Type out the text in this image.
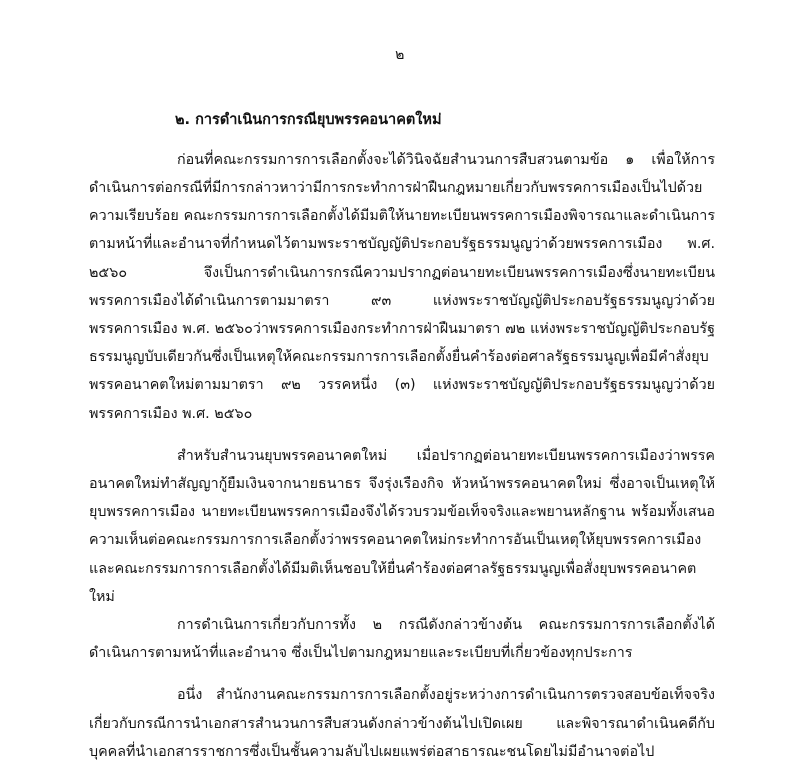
๒
๒. การดำเนินการกรณียุบพรรคอนาคตใหม่

ก่อนที่คณะกรรมการการเลือกตั้งจะได้วินิจฉัยสำนวนการสืบสวนตามข้อ ๑ เพื่อให้การดำเนินการต่อกรณีที่มีการกล่าวหาว่ามีการกระทำการฝ่าฝืนกฎหมายเกี่ยวกับพรรคการเมืองเป็นไปด้วยความเรียบร้อย คณะกรรมการการเลือกตั้งได้มีมติให้นายทะเบียนพรรคการเมืองพิจารณาและดำเนินการตามหน้าที่และอำนาจที่กำหนดไว้ตามพระราชบัญญัติประกอบรัฐธรรมนูญว่าด้วยพรรคการเมือง พ.ศ. ๒๕๖๐ จึงเป็นการดำเนินการกรณีความปรากฏต่อนายทะเบียนพรรคการเมืองซึ่งนายทะเบียนพรรคการเมืองได้ดำเนินการตามมาตรา ๙๓ แห่งพระราชบัญญัติประกอบรัฐธรรมนูญว่าด้วยพรรคการเมือง พ.ศ. ๒๕๖๐ว่าพรรคการเมืองกระทำการฝ่าฝืนมาตรา ๗๒ แห่งพระราชบัญญัติประกอบรัฐธรรมนูญบับเดียวกันซึ่งเป็นเหตุให้คณะกรรมการการเลือกตั้งยื่นคำร้องต่อศาลรัฐธรรมนูญเพื่อมีคำสั่งยุบพรรคอนาคตใหม่ตามมาตรา ๙๒ วรรคหนึ่ง (๓) แห่งพระราชบัญญัติประกอบรัฐธรรมนูญว่าด้วยพรรคการเมือง พ.ศ. ๒๕๖๐

สำหรับสำนวนยุบพรรคอนาคตใหม่ เมื่อปรากฏต่อนายทะเบียนพรรคการเมืองว่าพรรคอนาคตใหม่ทำสัญญากู้ยืมเงินจากนายธนาธร จึงรุ่งเรืองกิจ หัวหน้าพรรคอนาคตใหม่ ซึ่งอาจเป็นเหตุให้ยุบพรรคการเมือง นายทะเบียนพรรคการเมืองจึงได้รวบรวมข้อเท็จจริงและพยานหลักฐาน พร้อมทั้งเสนอความเห็นต่อคณะกรรมการการเลือกตั้งว่าพรรคอนาคตใหม่กระทำการอันเป็นเหตุให้ยุบพรรคการเมืองและคณะกรรมการการเลือกตั้งได้มีมติเห็นชอบให้ยื่นคำร้องต่อศาลรัฐธรรมนูญเพื่อสั่งยุบพรรคอนาคตใหม่

การดำเนินการเกี่ยวกับการทั้ง ๒ กรณีดังกล่าวข้างต้น คณะกรรมการการเลือกตั้งได้ดำเนินการตามหน้าที่และอำนาจ ซึ่งเป็นไปตามกฎหมายและระเบียบที่เกี่ยวข้องทุกประการ

อนึ่ง สำนักงานคณะกรรมการการเลือกตั้งอยู่ระหว่างการดำเนินการตรวจสอบข้อเท็จจริงเกี่ยวกับกรณีการนำเอกสารสำนวนการสืบสวนดังกล่าวข้างต้นไปเปิดเผย และพิจารณาดำเนินคดีกับบุคคลที่นำเอกสารราชการซึ่งเป็นชั้นความลับไปเผยแพร่ต่อสาธารณะชนโดยไม่มีอำนาจต่อไป
